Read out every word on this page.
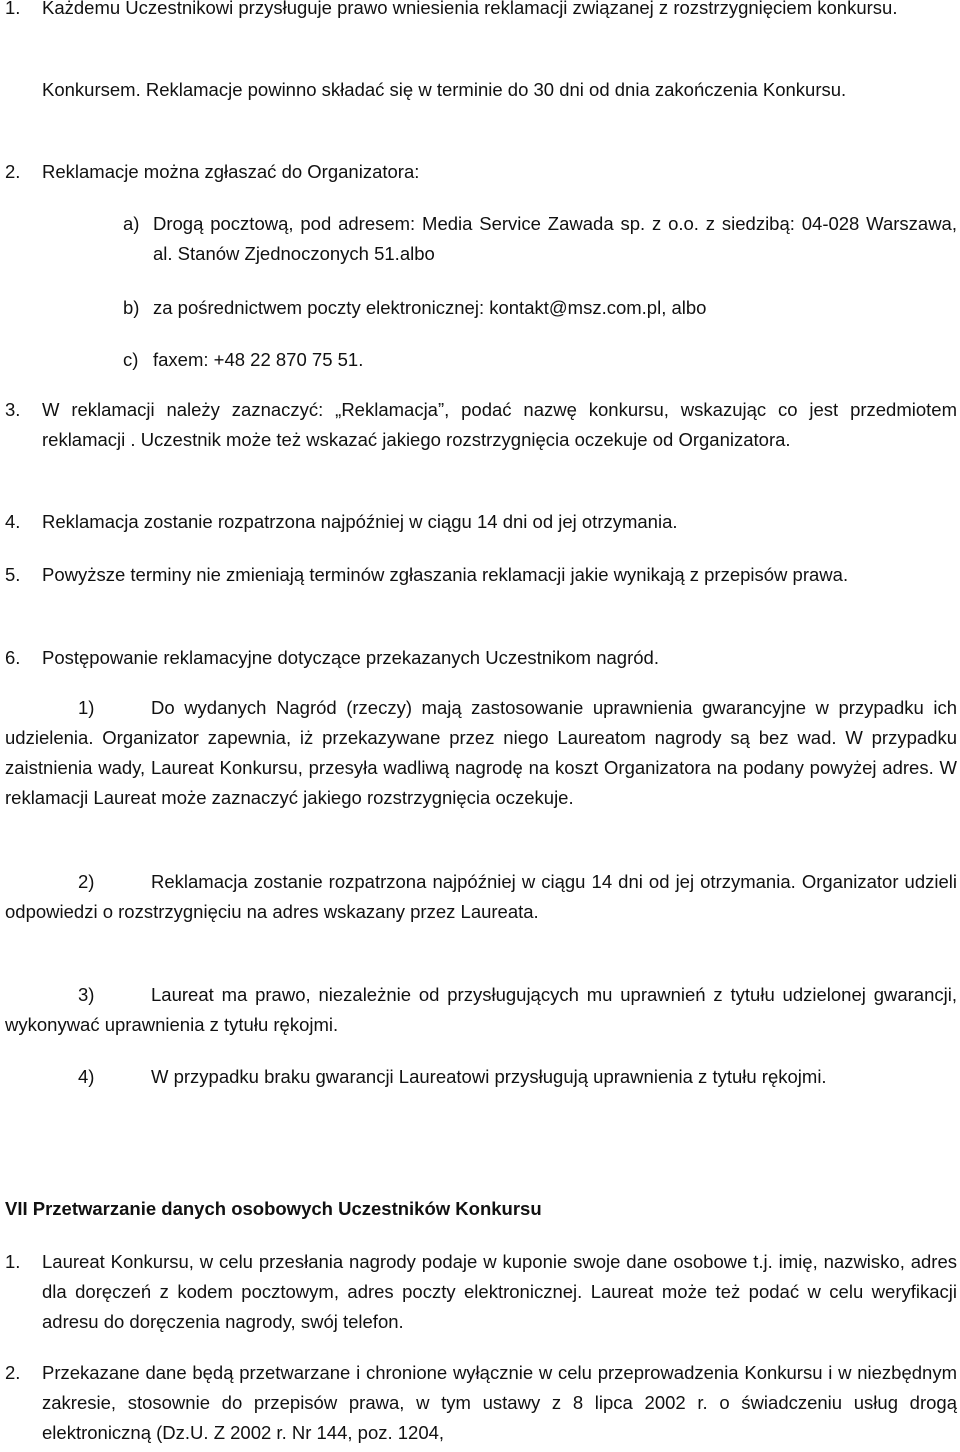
1. Każdemu Uczestnikowi przysługuje prawo wniesienia reklamacji związanej z rozstrzygnięciem konkursu.
Konkursem. Reklamacje powinno składać się w terminie do 30 dni od dnia zakończenia Konkursu.
2. Reklamacje można zgłaszać do Organizatora:
a) Drogą pocztową, pod adresem: Media Service Zawada sp. z o.o. z siedzibą: 04-028 Warszawa, al. Stanów Zjednoczonych 51.albo
b) za pośrednictwem poczty elektronicznej: kontakt@msz.com.pl, albo
c) faxem: +48 22 870 75 51.
3. W reklamacji należy zaznaczyć: „Reklamacja”, podać nazwę konkursu, wskazując co jest przedmiotem reklamacji . Uczestnik może też wskazać jakiego rozstrzygnięcia oczekuje od Organizatora.
4. Reklamacja zostanie rozpatrzona najpóźniej w ciągu 14 dni od jej otrzymania.
5. Powyższe terminy nie zmieniają terminów zgłaszania reklamacji jakie wynikają z przepisów prawa.
6. Postępowanie reklamacyjne dotyczące przekazanych Uczestnikom nagród.
1)	Do wydanych Nagród (rzeczy) mają zastosowanie uprawnienia gwarancyjne w przypadku ich udzielenia. Organizator zapewnia, iż przekazywane przez niego Laureatom nagrody są bez wad. W przypadku zaistnienia wady, Laureat Konkursu, przesyła wadliwą nagrodę na koszt Organizatora na podany powyżej adres. W reklamacji Laureat może zaznaczyć jakiego rozstrzygnięcia oczekuje.
2)	Reklamacja zostanie rozpatrzona najpóźniej w ciągu 14 dni od jej otrzymania. Organizator udzieli odpowiedzi o rozstrzygnięciu na adres wskazany przez Laureata.
3)	Laureat ma prawo, niezależnie od przysługujących mu uprawnień z tytułu udzielonej gwarancji, wykonywać uprawnienia z tytułu rękojmi.
4)	W przypadku braku gwarancji Laureatowi przysługują uprawnienia z tytułu rękojmi.
VII Przetwarzanie danych osobowych Uczestników Konkursu
1. Laureat Konkursu, w celu przesłania nagrody podaje w kuponie swoje dane osobowe t.j. imię, nazwisko, adres dla doręczeń z kodem pocztowym, adres poczty elektronicznej. Laureat może też podać w celu weryfikacji adresu do doręczenia nagrody, swój telefon.
2. Przekazane dane będą przetwarzane i chronione wyłącznie w celu przeprowadzenia Konkursu i w niezbędnym zakresie, stosownie do przepisów prawa, w tym ustawy z 8 lipca 2002 r. o świadczeniu usług drogą elektroniczną (Dz.U. Z 2002 r. Nr 144, poz. 1204,
